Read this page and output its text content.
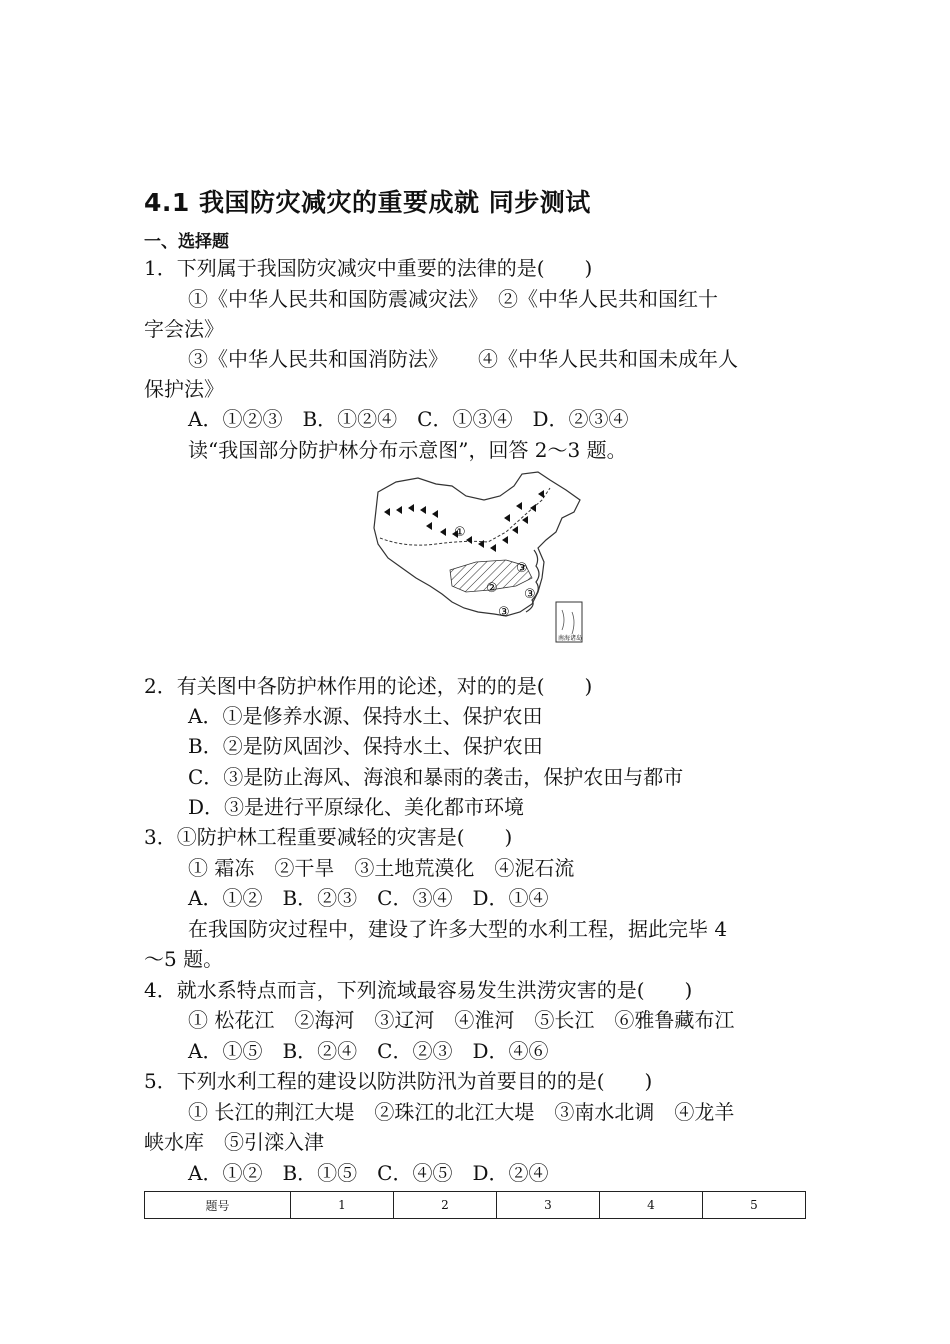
4.1 我国防灾减灾的重要成就 同步测试
一、选择题
1．下列属于我国防灾减灾中重要的法律的是(　　)
①《中华人民共和国防震减灾法》　②《中华人民共和国红十
字会法》
③《中华人民共和国消防法》　　④《中华人民共和国未成年人
保护法》
A．①②③　B．①②④　C．①③④　D．②③④
读“我国部分防护林分布示意图”，回答 2～3 题。
①
②
③
③
③
南海诸岛
2．有关图中各防护林作用的论述，对的的是(　　)
A．①是修养水源、保持水土、保护农田
B．②是防风固沙、保持水土、保护农田
C．③是防止海风、海浪和暴雨的袭击，保护农田与都市
D．③是进行平原绿化、美化都市环境
3．①防护林工程重要减轻的灾害是(　　)
① 霜冻　②干旱　③土地荒漠化　④泥石流
A．①②　B．②③　C．③④　D．①④
在我国防灾过程中，建设了许多大型的水利工程，据此完毕 4
～5 题。
4．就水系特点而言，下列流域最容易发生洪涝灾害的是(　　)
① 松花江　②海河　③辽河　④淮河　⑤长江　⑥雅鲁藏布江
A．①⑤　B．②④　C．②③　D．④⑥
5．下列水利工程的建设以防洪防汛为首要目的的是(　　)
① 长江的荆江大堤　②珠江的北江大堤　③南水北调　④龙羊
峡水库　⑤引滦入津
A．①②　B．①⑤　C．④⑤　D．②④
题号	1	2	3	4	5
